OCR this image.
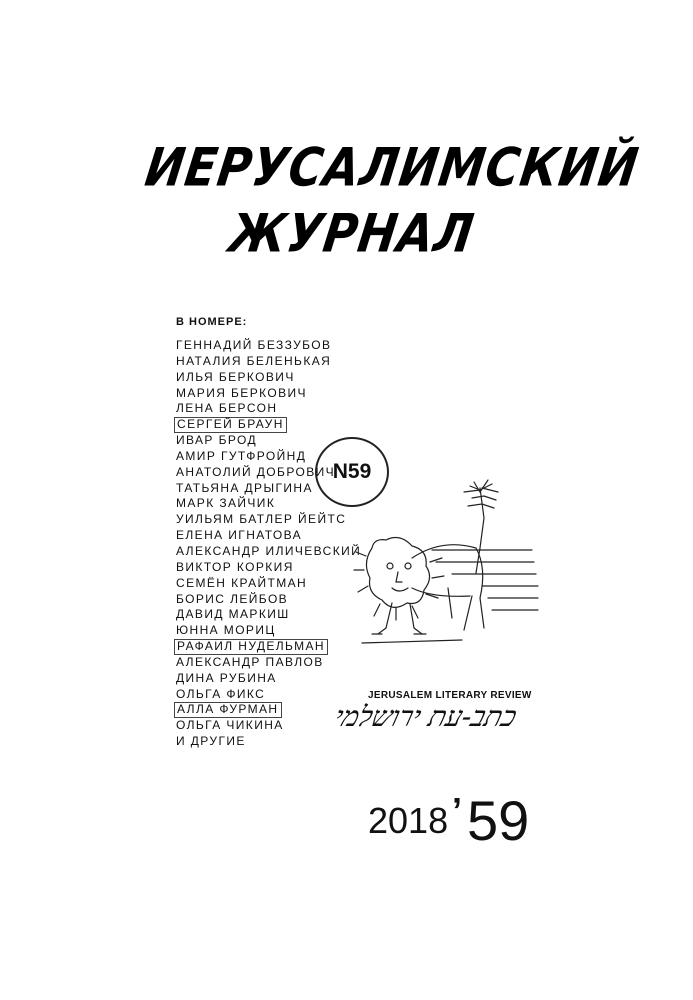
ИЕРУСАЛИМСКИЙ
ЖУРНАЛ
В НОМЕРЕ:
ГЕННАДИЙ БЕЗЗУБОВ
НАТАЛИЯ БЕЛЕНЬКАЯ
ИЛЬЯ БЕРКОВИЧ
МАРИЯ БЕРКОВИЧ
ЛЕНА БЕРСОН
СЕРГЕЙ БРАУН
ИВАР БРОД
АМИР ГУТФРОЙНД
АНАТОЛИЙ ДОБРОВИЧ
ТАТЬЯНА ДРЫГИНА
МАРК ЗАЙЧИК
УИЛЬЯМ БАТЛЕР ЙЕЙТС
ЕЛЕНА ИГНАТОВА
АЛЕКСАНДР ИЛИЧЕВСКИЙ
ВИКТОР КОРКИЯ
СЕМЁН КРАЙТМАН
БОРИС ЛЕЙБОВ
ДАВИД МАРКИШ
ЮННА МОРИЦ
РАФАИЛ НУДЕЛЬМАН
АЛЕКСАНДР ПАВЛОВ
ДИНА РУБИНА
ОЛЬГА ФИКС
АЛЛА ФУРМАН
ОЛЬГА ЧИКИНА
И ДРУГИЕ
N59
JERUSALEM LITERARY REVIEW
כתב-עת ירושלמי
2018 ’ 59
